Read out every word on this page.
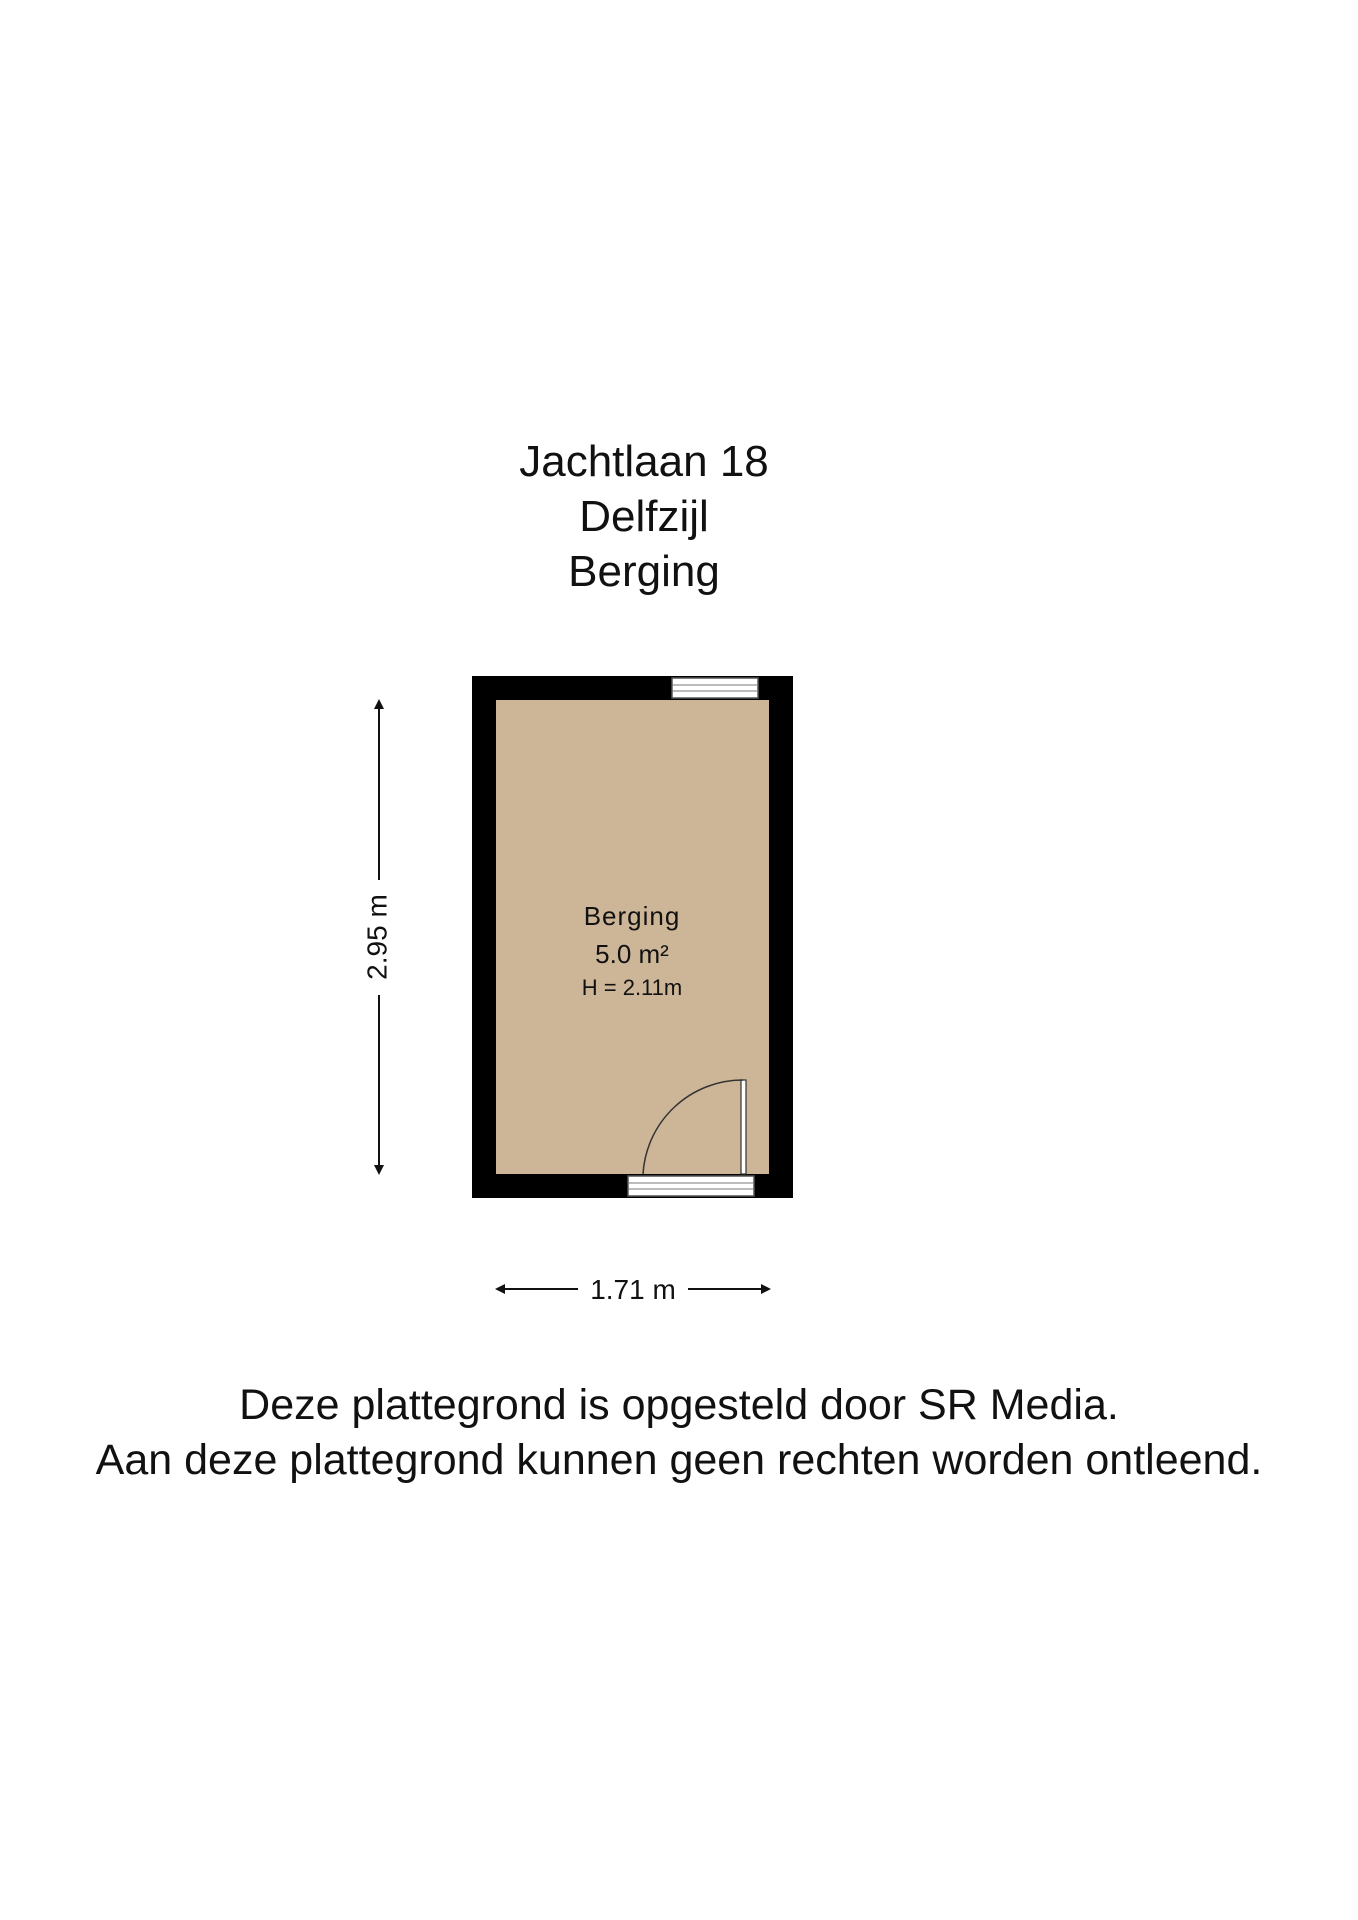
Jachtlaan 18
Delfzijl
Berging
Berging
5.0 m²
H = 2.11m
2.95 m
1.71 m
Deze plattegrond is opgesteld door SR Media.
Aan deze plattegrond kunnen geen rechten worden ontleend.
